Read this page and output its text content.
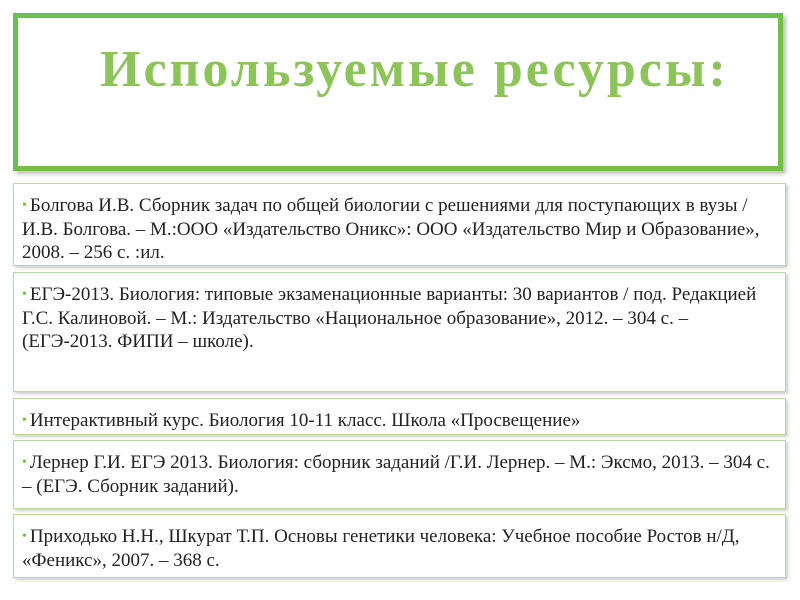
Используемые ресурсы:

• Болгова И.В. Сборник задач по общей биологии с решениями для поступающих в вузы /И.В. Болгова. – М.:ООО «Издательство Оникс»: ООО «Издательство Мир и Образование», 2008. – 256 с. :ил.

• ЕГЭ-2013. Биология: типовые экзаменационные варианты: 30 вариантов / под. Редакцией Г.С. Калиновой. – М.: Издательство «Национальное образование», 2012. – 304 с. – (ЕГЭ-2013. ФИПИ – школе).

• Интерактивный курс. Биология 10-11 класс. Школа «Просвещение»

• Лернер Г.И. ЕГЭ 2013. Биология: сборник заданий /Г.И. Лернер. – М.: Эксмо, 2013. – 304 с. – (ЕГЭ. Сборник заданий).

• Приходько Н.Н., Шкурат Т.П. Основы генетики человека: Учебное пособие Ростов н/Д, «Феникс», 2007. – 368 с.
